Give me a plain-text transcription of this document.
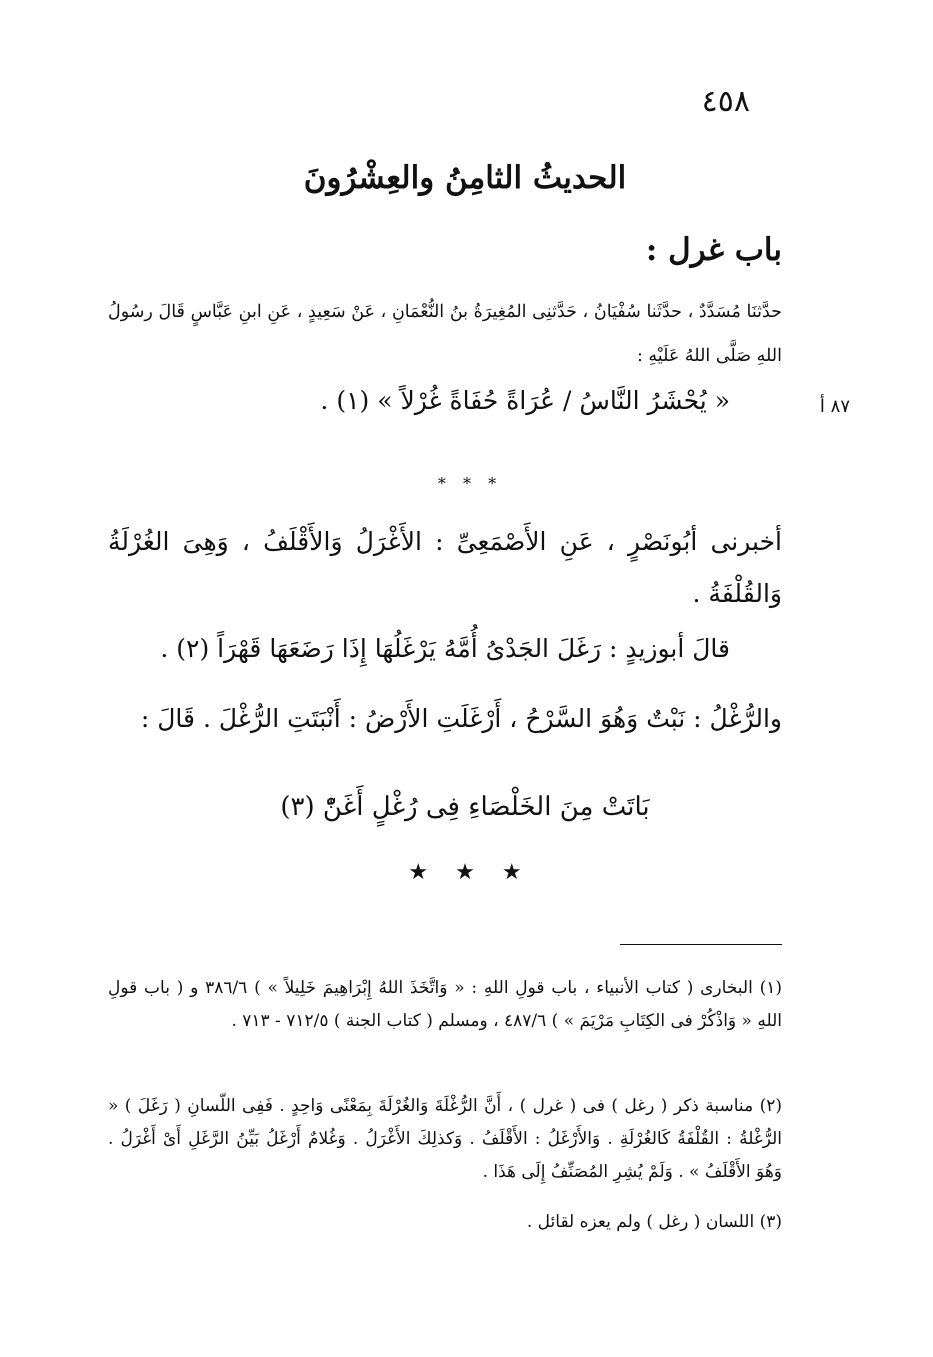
٤٥٨
الحديثُ الثامِنُ والعِشْرُونَ
باب غرل :
حدَّثنَا مُسَدَّدٌ ، حدَّثَنا سُفْيَانُ ، حَدَّثنِى المُغِيرَةُ بنُ النُّعْمَانِ ، عَنْ سَعِيدٍ ، عَنِ ابنِ عَبَّاسٍ قَالَ رسُولُ اللهِ صَلَّى اللهُ عَلَيْهِ :
« يُحْشَرُ النَّاسُ / عُرَاةً حُفَاةً غُرْلاً » (١) .	٨٧ أ
* * *
أخبرنى أبُونَصْرٍ ، عَنِ الأَصْمَعِىِّ : الأَغْرَلُ وَالأَقْلَفُ ، وَهِىَ الغُرْلَةُ وَالقُلْفَةُ .
قالَ أبوزيدٍ : رَغَلَ الجَدْىُ أُمَّهُ يَرْغَلُهَا إِذَا رَضَعَهَا قَهْرَاً (٢) .
والرُّغْلُ : نَبْتٌ وَهُوَ السَّرْحُ ، أَرْغَلَتِ الأَرْضُ : أَنْبَتَتِ الرُّغْلَ . قَالَ :
بَاتَتْ مِنَ الخَلْصَاءِ فِى رُغْلٍ أَغَنّْ (٣)
★ ★ ★
(١) البخارى ( كتاب الأنبياء ، باب قولِ اللهِ : « وَاتَّخَذَ اللهُ إِبْرَاهِيمَ خَلِيلاً » ) ٣٨٦/٦ و ( باب قولِ اللهِ « وَاذْكُرْ فى الكِتَابِ مَرْيَمَ » ) ٤٨٧/٦ ، ومسلم ( كتاب الجنة ) ٧١٢/٥ - ٧١٣ .
(٢) مناسبة ذكر ( رغل ) فى ( غرل ) ، أَنَّ الرُّغْلَةَ وَالغُرْلَةَ بِمَعْنًى وَاحِدٍ . فَفِى اللّسانِ ( رَغَلَ ) « الرُّغْلةُ : القُلْفَةُ كَالغُرْلَةِ . وَالأَرْغَلُ : الأَقْلَفُ . وَكذلِكَ الأَغْرَلُ . وَغُلامٌ أَرْغَلُ بَيِّنُ الرَّغَلِ أَىْ أَغْرَلُ . وَهُوَ الأَقْلَفُ » . وَلَمْ يُشِرِ المُصَنِّفُ إِلَى هَذَا .
(٣) اللسان ( رغل ) ولم يعزه لقائل .
